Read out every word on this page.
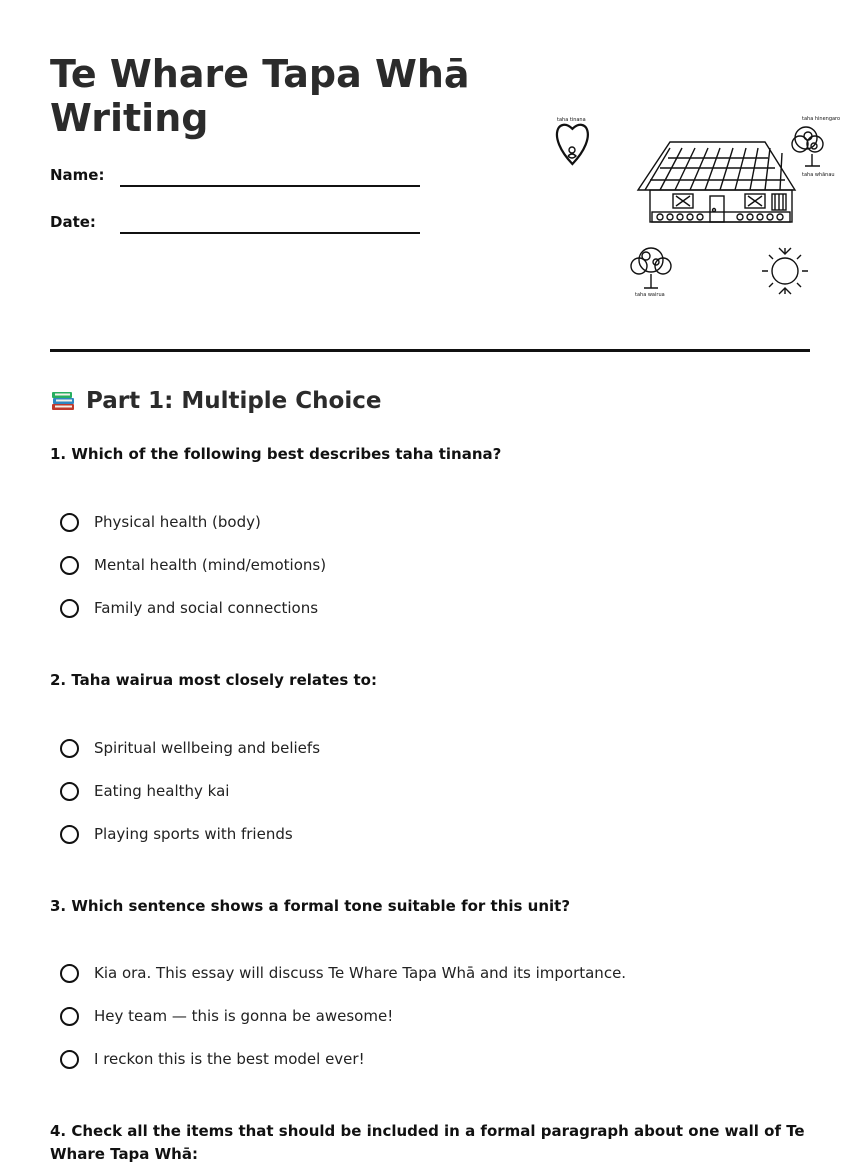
Te Whare Tapa Whā Writing
Name:
Date:
taha tinana	taha hinengaro
taha whānau
taha wairua
Part 1: Multiple Choice

1. Which of the following best describes taha tinana?

Physical health (body)
Mental health (mind/emotions)
Family and social connections

2. Taha wairua most closely relates to:

Spiritual wellbeing and beliefs
Eating healthy kai
Playing sports with friends

3. Which sentence shows a formal tone suitable for this unit?

Kia ora. This essay will discuss Te Whare Tapa Whā and its importance.
Hey team — this is gonna be awesome!
I reckon this is the best model ever!

4. Check all the items that should be included in a formal paragraph about one wall of Te Whare Tapa Whā:
